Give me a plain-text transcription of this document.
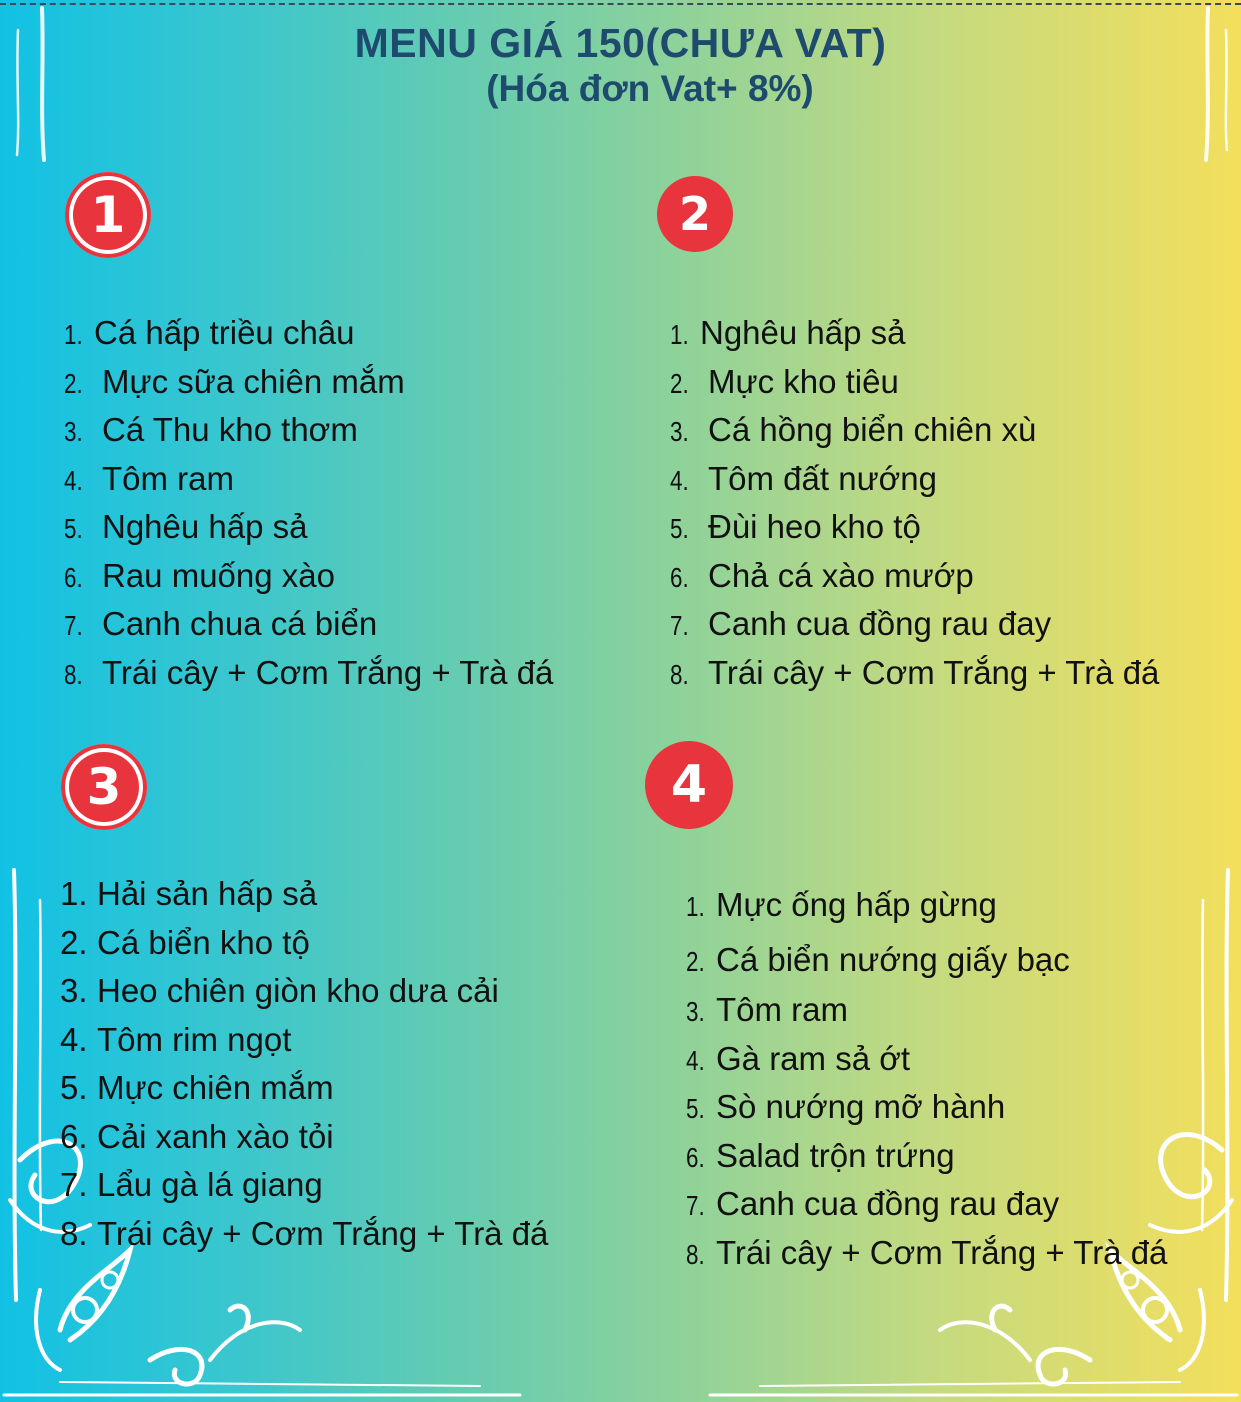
MENU GIÁ 150(CHƯA VAT)
(Hóa đơn Vat+ 8%)
1	2
3	4
1. Cá hấp triều châu
2. Mực sữa chiên mắm
3. Cá Thu kho thơm
4. Tôm ram
5. Nghêu hấp sả
6. Rau muống xào
7. Canh chua cá biển
8. Trái cây + Cơm Trắng + Trà đá
1. Nghêu hấp sả
2. Mực kho tiêu
3. Cá hồng biển chiên xù
4. Tôm đất nướng
5. Đùi heo kho tộ
6. Chả cá xào mướp
7. Canh cua đồng rau đay
8. Trái cây + Cơm Trắng + Trà đá
1. Hải sản hấp sả
2. Cá biển kho tộ
3. Heo chiên giòn kho dưa cải
4. Tôm rim ngọt
5. Mực chiên mắm
6. Cải xanh xào tỏi
7. Lẩu gà lá giang
8. Trái cây + Cơm Trắng + Trà đá
1. Mực ống hấp gừng
2. Cá biển nướng giấy bạc
3. Tôm ram
4. Gà ram sả ớt
5. Sò nướng mỡ hành
6. Salad trộn trứng
7. Canh cua đồng rau đay
8. Trái cây + Cơm Trắng + Trà đá
